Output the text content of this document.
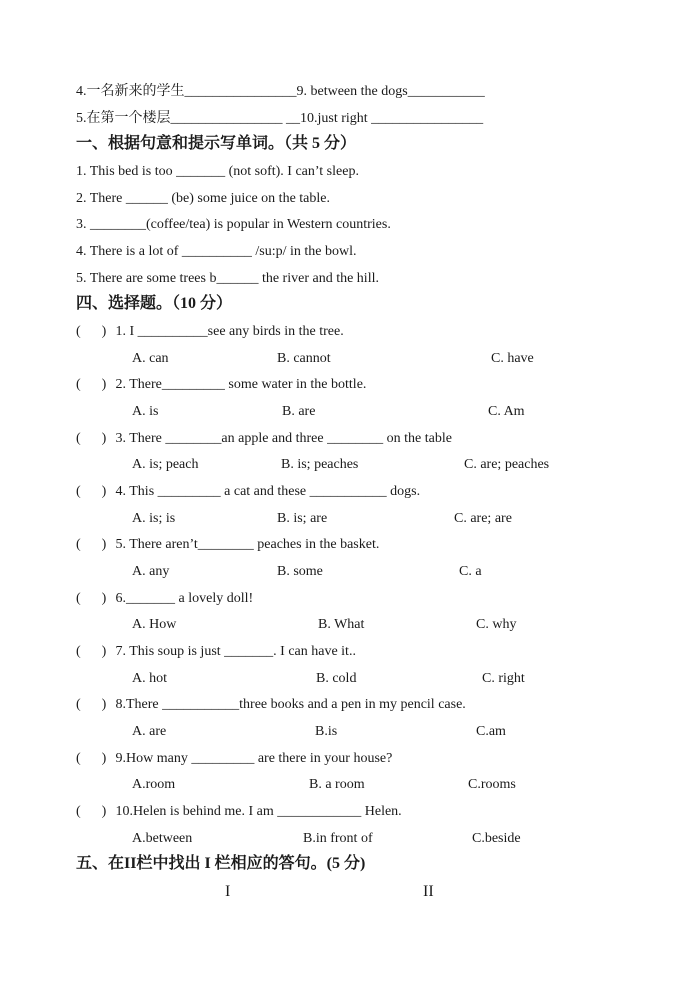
4.一名新来的学生________________9. between the dogs___________
5.在第一个楼层________________ __10.just right ________________
一、根据句意和提示写单词。（共 5 分）
1. This bed is too _______ (not soft). I can’t sleep.
2. There ______ (be) some juice on the table.
3. ________(coffee/tea) is popular in Western countries.
4. There is a lot of __________ /su:p/ in the bowl.
5. There are some trees b______ the river and the hill.
四、选择题。（10 分）
( ) 1. I __________see any birds in the tree.
A. can	B. cannot	C. have
( ) 2. There_________ some water in the bottle.
A. is	B. are	C. Am
( ) 3. There ________an apple and three ________ on the table
A. is; peach	B. is; peaches	C. are; peaches
( ) 4. This _________ a cat and these ___________ dogs.
A. is; is	B. is; are	C. are; are
( ) 5. There aren’t________ peaches in the basket.
A. any	B. some	C. a
( ) 6._______ a lovely doll!
A. How	B. What	C. why
( ) 7. This soup is just _______. I can have it..
A. hot	B. cold	C. right
( ) 8.There ___________three books and a pen in my pencil case.
A. are	B.is	C.am
( ) 9.How many _________ are there in your house?
A.room	B. a room	C.rooms
( ) 10.Helen is behind me. I am ____________ Helen.
A.between	B.in front of	C.beside
五、在II栏中找出 I 栏相应的答句。(5 分)
I	II
